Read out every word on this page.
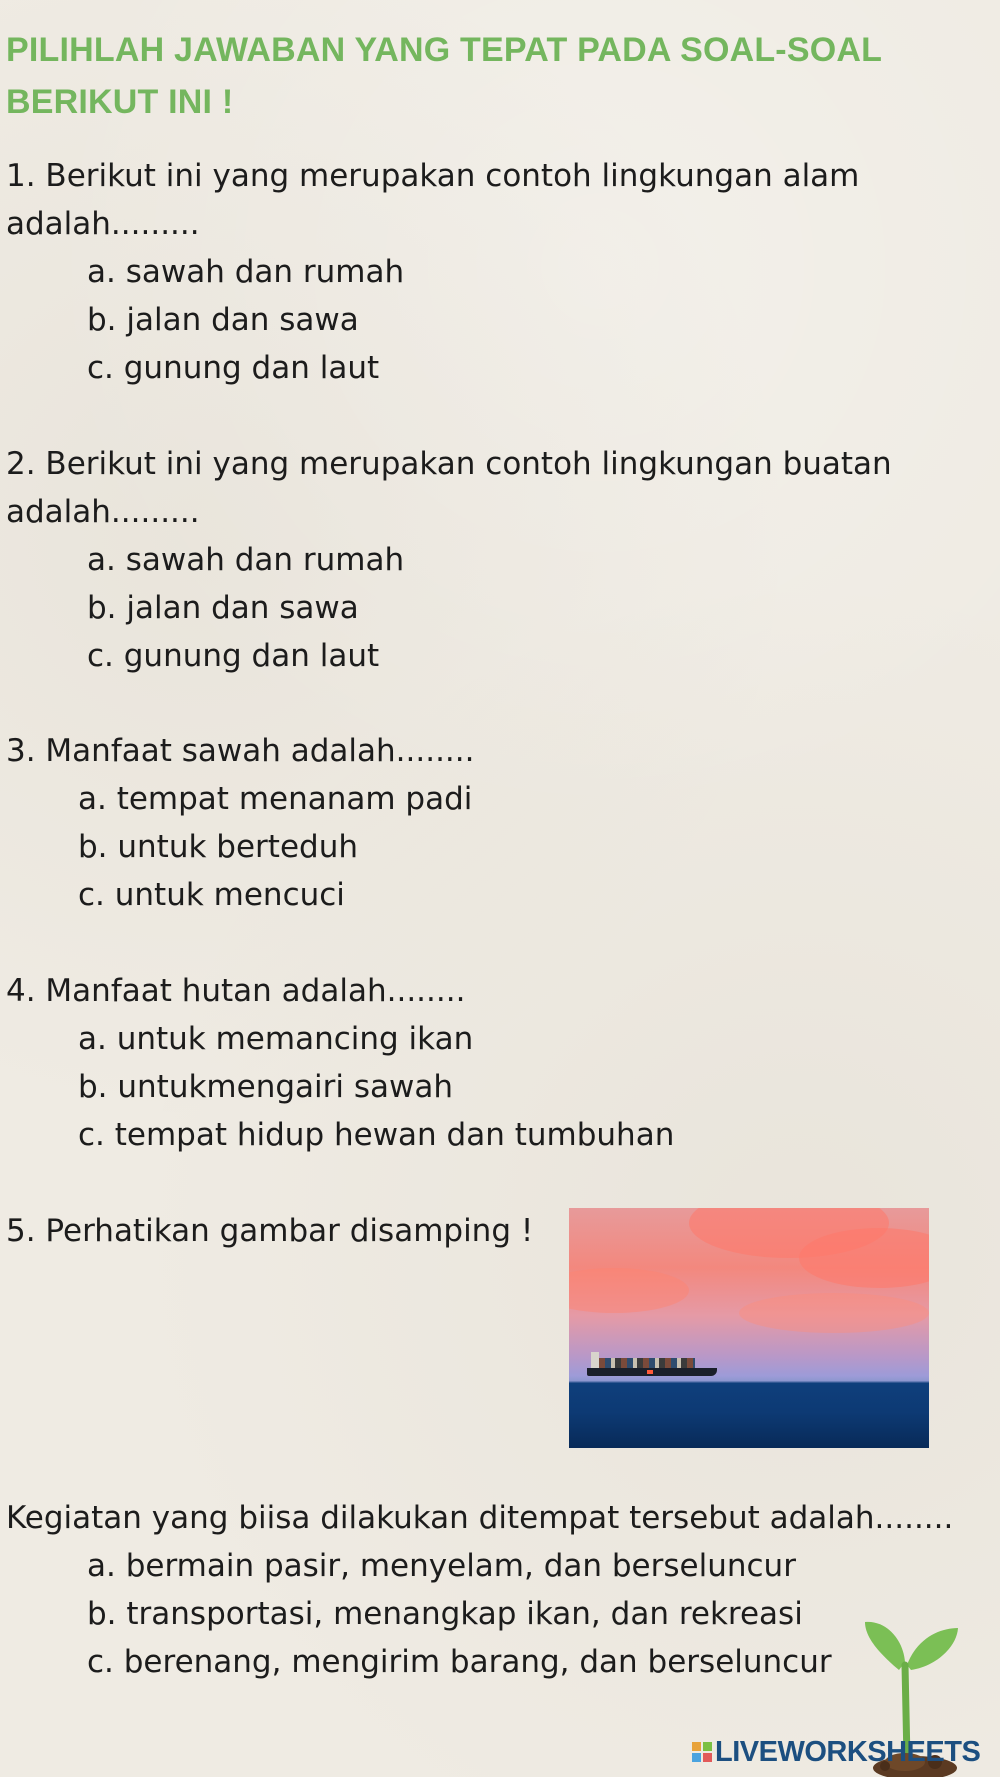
PILIHLAH JAWABAN YANG TEPAT PADA SOAL-SOAL BERIKUT INI !

1. Berikut ini yang merupakan contoh lingkungan alam adalah.........

a. sawah dan rumah

b. jalan dan sawa

c. gunung dan laut

2. Berikut ini yang merupakan contoh lingkungan buatan adalah.........

a. sawah dan rumah

b. jalan dan sawa

c. gunung dan laut

3. Manfaat sawah adalah........

a. tempat menanam padi

b. untuk berteduh

c. untuk mencuci

4. Manfaat hutan adalah........

a. untuk memancing ikan

b. untukmengairi sawah

c. tempat hidup hewan dan tumbuhan

5. Perhatikan gambar disamping !

Kegiatan yang biisa dilakukan ditempat tersebut adalah........

a. bermain pasir, menyelam, dan berseluncur

b. transportasi, menangkap ikan, dan rekreasi

c. berenang, mengirim barang, dan berseluncur

LIVEWORKSHEETS
